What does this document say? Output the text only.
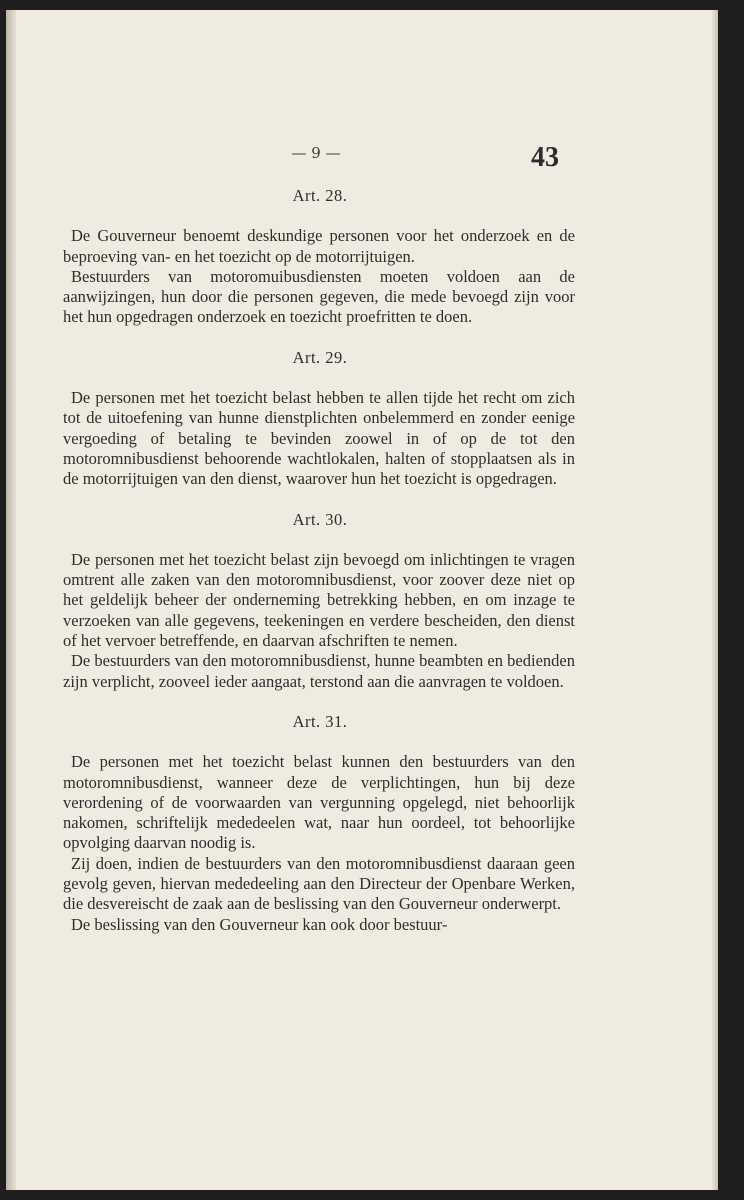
— 9 —	43

Art. 28.

De Gouverneur benoemt deskundige personen voor het onderzoek en de beproeving van- en het toezicht op de motorrijtuigen.

Bestuurders van motoromuibusdiensten moeten voldoen aan de aanwijzingen, hun door die personen gegeven, die mede bevoegd zijn voor het hun opgedragen onderzoek en toezicht proefritten te doen.

Art. 29.

De personen met het toezicht belast hebben te allen tijde het recht om zich tot de uitoefening van hunne dienstplichten onbelemmerd en zonder eenige vergoeding of betaling te bevinden zoowel in of op de tot den motoromnibusdienst behoorende wachtlokalen, halten of stopplaatsen als in de motorrijtuigen van den dienst, waarover hun het toezicht is opgedragen.

Art. 30.

De personen met het toezicht belast zijn bevoegd om inlichtingen te vragen omtrent alle zaken van den motoromnibusdienst, voor zoover deze niet op het geldelijk beheer der onderneming betrekking hebben, en om inzage te verzoeken van alle gegevens, teekeningen en verdere bescheiden, den dienst of het vervoer betreffende, en daarvan afschriften te nemen.

De bestuurders van den motoromnibusdienst, hunne beambten en bedienden zijn verplicht, zooveel ieder aangaat, terstond aan die aanvragen te voldoen.

Art. 31.

De personen met het toezicht belast kunnen den bestuurders van den motoromnibusdienst, wanneer deze de verplichtingen, hun bij deze verordening of de voorwaarden van vergunning opgelegd, niet behoorlijk nakomen, schriftelijk mededeelen wat, naar hun oordeel, tot behoorlijke opvolging daarvan noodig is.

Zij doen, indien de bestuurders van den motoromnibusdienst daaraan geen gevolg geven, hiervan mededeeling aan den Directeur der Openbare Werken, die desvereischt de zaak aan de beslissing van den Gouverneur onderwerpt.

De beslissing van den Gouverneur kan ook door bestuur-
